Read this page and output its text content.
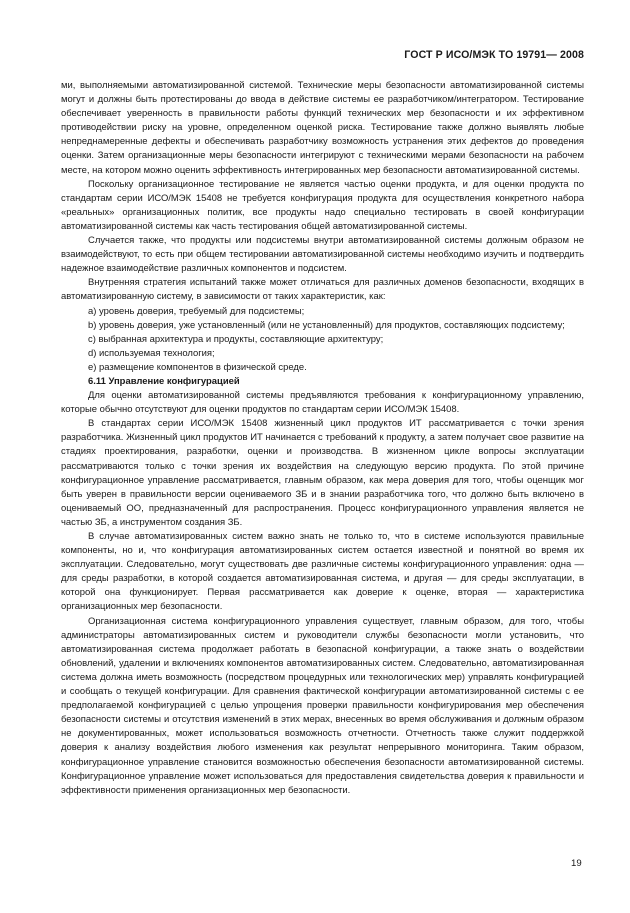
ГОСТ Р ИСО/МЭК ТО 19791— 2008

ми, выполняемыми автоматизированной системой. Технические меры безопасности автоматизированной системы могут и должны быть протестированы до ввода в действие системы ее разработчиком/интегратором. Тестирование обеспечивает уверенность в правильности работы функций технических мер безопасности и их эффективном противодействии риску на уровне, определенном оценкой риска. Тестирование также должно выявлять любые непреднамеренные дефекты и обеспечивать разработчику возможность устранения этих дефектов до проведения оценки. Затем организационные меры безопасности интегрируют с техническими мерами безопасности на рабочем месте, на котором можно оценить эффективность интегрированных мер безопасности автоматизированной системы.

Поскольку организационное тестирование не является частью оценки продукта, и для оценки продукта по стандартам серии ИСО/МЭК 15408 не требуется конфигурация продукта для осуществления конкретного набора «реальных» организационных политик, все продукты надо специально тестировать в своей конфигурации автоматизированной системы как часть тестирования общей автоматизированной системы.

Случается также, что продукты или подсистемы внутри автоматизированной системы должным образом не взаимодействуют, то есть при общем тестировании автоматизированной системы необходимо изучить и подтвердить надежное взаимодействие различных компонентов и подсистем.

Внутренняя стратегия испытаний также может отличаться для различных доменов безопасности, входящих в автоматизированную систему, в зависимости от таких характеристик, как:

a) уровень доверия, требуемый для подсистемы;

b) уровень доверия, уже установленный (или не установленный) для продуктов, составляющих подсистему;

c) выбранная архитектура и продукты, составляющие архитектуру;

d) используемая технология;

e) размещение компонентов в физической среде.

6.11 Управление конфигурацией

Для оценки автоматизированной системы предъявляются требования к конфигурационному управлению, которые обычно отсутствуют для оценки продуктов по стандартам серии ИСО/МЭК 15408.

В стандартах серии ИСО/МЭК 15408 жизненный цикл продуктов ИТ рассматривается с точки зрения разработчика. Жизненный цикл продуктов ИТ начинается с требований к продукту, а затем получает свое развитие на стадиях проектирования, разработки, оценки и производства. В жизненном цикле вопросы эксплуатации рассматриваются только с точки зрения их воздействия на следующую версию продукта. По этой причине конфигурационное управление рассматривается, главным образом, как мера доверия для того, чтобы оценщик мог быть уверен в правильности версии оцениваемого ЗБ и в знании разработчика того, что должно быть включено в оцениваемый ОО, предназначенный для распространения. Процесс конфигурационного управления является не частью ЗБ, а инструментом создания ЗБ.

В случае автоматизированных систем важно знать не только то, что в системе используются правильные компоненты, но и, что конфигурация автоматизированных систем остается известной и понятной во время их эксплуатации. Следовательно, могут существовать две различные системы конфигурационного управления: одна — для среды разработки, в которой создается автоматизированная система, и другая — для среды эксплуатации, в которой она функционирует. Первая рассматривается как доверие к оценке, вторая — характеристика организационных мер безопасности.

Организационная система конфигурационного управления существует, главным образом, для того, чтобы администраторы автоматизированных систем и руководители службы безопасности могли установить, что автоматизированная система продолжает работать в безопасной конфигурации, а также знать о воздействии обновлений, удалении и включениях компонентов автоматизированных систем. Следовательно, автоматизированная система должна иметь возможность (посредством процедурных или технологических мер) управлять конфигурацией и сообщать о текущей конфигурации. Для сравнения фактической конфигурации автоматизированной системы с ее предполагаемой конфигурацией с целью упрощения проверки правильности конфигурирования мер обеспечения безопасности системы и отсутствия изменений в этих мерах, внесенных во время обслуживания и должным образом не документированных, может использоваться возможность отчетности. Отчетность также служит поддержкой доверия к анализу воздействия любого изменения как результат непрерывного мониторинга. Таким образом, конфигурационное управление становится возможностью обеспечения безопасности автоматизированной системы. Конфигурационное управление может использоваться для предоставления свидетельства доверия к правильности и эффективности применения организационных мер безопасности.

19
